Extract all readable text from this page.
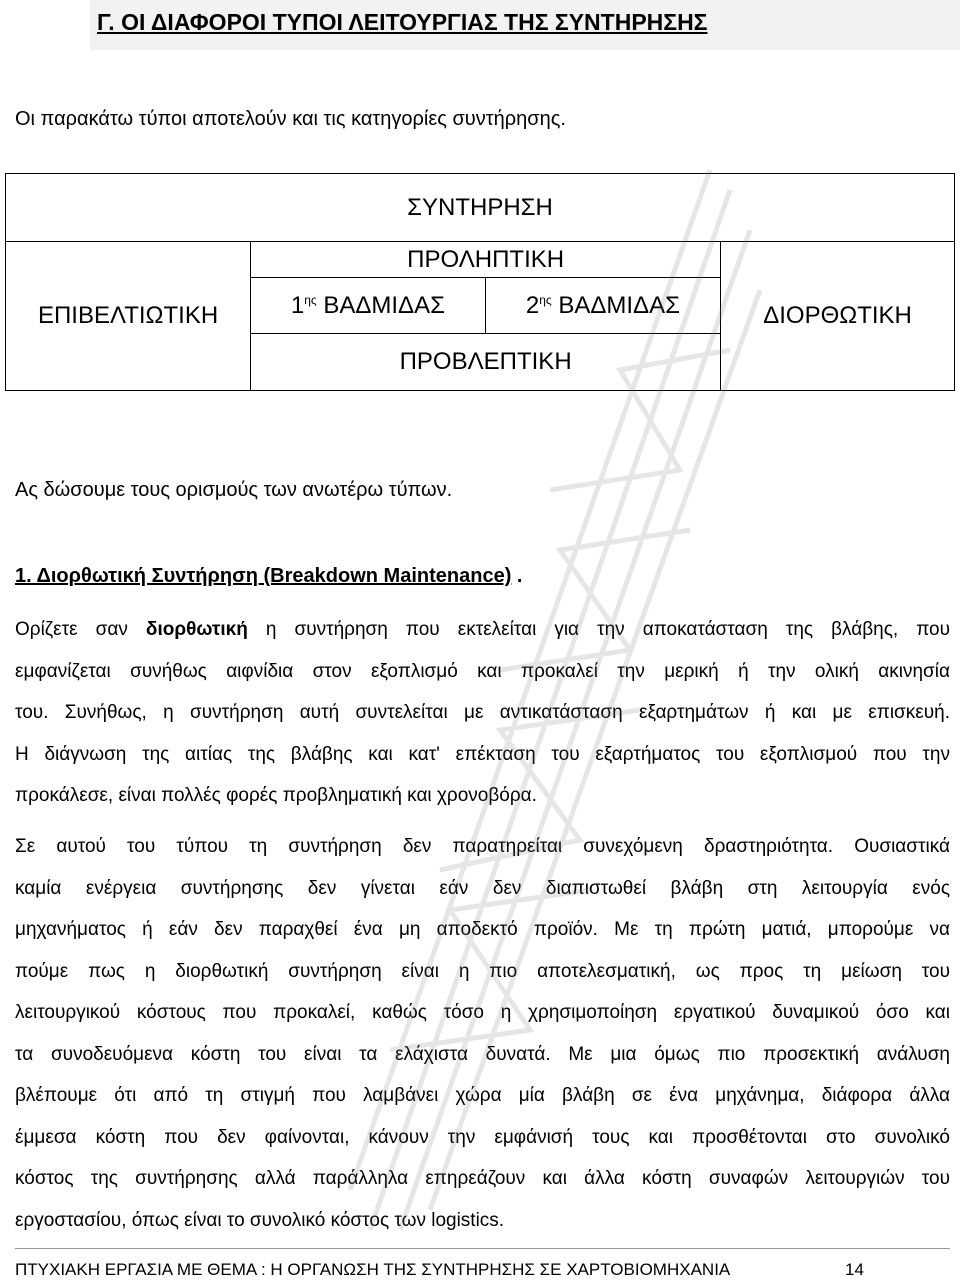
Γ. ΟΙ ΔΙΑΦΟΡΟΙ ΤΥΠΟΙ ΛΕΙΤΟΥΡΓΙΑΣ ΤΗΣ ΣΥΝΤΗΡΗΣΗΣ
Οι παρακάτω τύποι αποτελούν και τις κατηγορίες συντήρησης.
ΣΥΝΤΗΡΗΣΗ			
ΕΠΙΒΕΛΤΙΩΤΙΚΗ	ΠΡΟΛΗΠΤΙΚΗ		ΔΙΟΡΘΩΤΙΚΗ
	$1^{\eta\varsigma}$ ΒΑΔΜΙΔΑΣ	$2^{\eta\varsigma}$ ΒΑΔΜΙΔΑΣ	
	ΠΡΟΒΛΕΠΤΙΚΗ		
Ας δώσουμε τους ορισμούς των ανωτέρω τύπων.
1. Διορθωτική Συντήρηση (Breakdown Maintenance) .
Ορίζετε σαν διορθωτική η συντήρηση που εκτελείται για την αποκατάσταση της βλάβης, που
εμφανίζεται συνήθως αιφνίδια στον εξοπλισμό και προκαλεί την μερική ή την ολική ακινησία
του. Συνήθως, η συντήρηση αυτή συντελείται με αντικατάσταση εξαρτημάτων ή και με επισκευή.
Η διάγνωση της αιτίας της βλάβης και κατ' επέκταση του εξαρτήματος του εξοπλισμού που την
προκάλεσε, είναι πολλές φορές προβληματική και χρονοβόρα.
Σε αυτού του τύπου τη συντήρηση δεν παρατηρείται συνεχόμενη δραστηριότητα. Ουσιαστικά
καμία ενέργεια συντήρησης δεν γίνεται εάν δεν διαπιστωθεί βλάβη στη λειτουργία ενός
μηχανήματος ή εάν δεν παραχθεί ένα μη αποδεκτό προϊόν. Με τη πρώτη ματιά, μπορούμε να
πούμε πως η διορθωτική συντήρηση είναι η πιο αποτελεσματική, ως προς τη μείωση του
λειτουργικού κόστους που προκαλεί, καθώς τόσο η χρησιμοποίηση εργατικού δυναμικού όσο και
τα συνοδευόμενα κόστη του είναι τα ελάχιστα δυνατά. Με μια όμως πιο προσεκτική ανάλυση
βλέπουμε ότι από τη στιγμή που λαμβάνει χώρα μία βλάβη σε ένα μηχάνημα, διάφορα άλλα
έμμεσα κόστη που δεν φαίνονται, κάνουν την εμφάνισή τους και προσθέτονται στο συνολικό
κόστος της συντήρησης αλλά παράλληλα επηρεάζουν και άλλα κόστη συναφών λειτουργιών του
εργοστασίου, όπως είναι το συνολικό κόστος των logistics.
ΠΤΥΧΙΑΚΗ ΕΡΓΑΣΙΑ ΜΕ ΘΕΜΑ : Η ΟΡΓΑΝΩΣΗ ΤΗΣ ΣΥΝΤΗΡΗΣΗΣ ΣΕ ΧΑΡΤΟΒΙΟΜΗΧΑΝΙΑ	14
